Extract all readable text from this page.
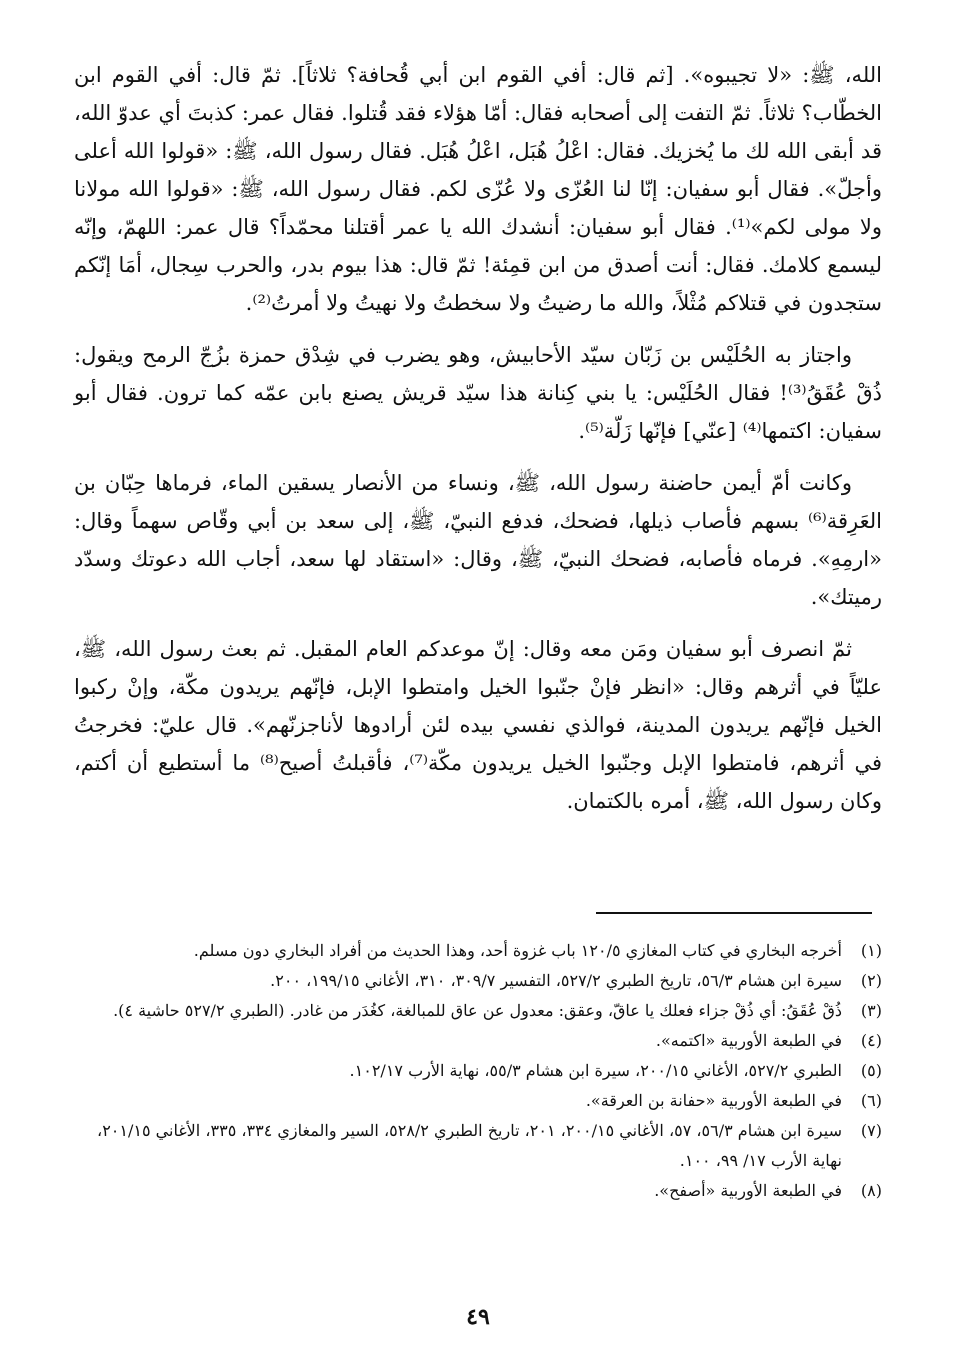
الله، ﷺ: «لا تجيبوه». [ثم قال: أفي القوم ابن أبي قُحافة؟ ثلاثاً]. ثمّ قال: أفي القوم ابن الخطّاب؟ ثلاثاً. ثمّ التفت إلى أصحابه فقال: أمّا هؤلاء فقد قُتلوا. فقال عمر: كذبتَ أي عدوّ الله، قد أبقى الله لك ما يُخزيك. فقال: اعْلُ هُبَل، اعْلُ هُبَل. فقال رسول الله، ﷺ: «قولوا الله أعلى وأجلّ». فقال أبو سفيان: إنّا لنا العُزّى ولا عُزّى لكم. فقال رسول الله، ﷺ: «قولوا الله مولانا ولا مولى لكم»⁽¹⁾. فقال أبو سفيان: أنشدك الله يا عمر أقتلنا محمّداً؟ قال عمر: اللهمّ، وإنّه ليسمع كلامك. فقال: أنت أصدق من ابن قمِئة! ثمّ قال: هذا بيوم بدر، والحرب سِجال، أمَا إنّكم ستجدون في قتلاكم مُثْلاً، والله ما رضيتُ ولا سخطتُ ولا نهيتُ ولا أمرتُ⁽²⁾.

واجتاز به الحُلَيْس بن زَبّان سيّد الأحابيش، وهو يضرب في شِدْق حمزة بزُجّ الرمح ويقول: ذُقْ عُقَقُ⁽³⁾! فقال الحُلَيْس: يا بني كِنانة هذا سيّد قريش يصنع بابن عمّه كما ترون. فقال أبو سفيان: اكتمها⁽⁴⁾ [عنّي] فإنّها زَلّة⁽⁵⁾.

وكانت أمّ أيمن حاضنة رسول الله، ﷺ، ونساء من الأنصار يسقين الماء، فرماها حِبّان بن العَرِقة⁽⁶⁾ بسهم فأصاب ذيلها، فضحك، فدفع النبيّ، ﷺ، إلى سعد بن أبي وقّاص سهماً وقال: «ارمِهِ». فرماه فأصابه، فضحك النبيّ، ﷺ، وقال: «استقاد لها سعد، أجاب الله دعوتك وسدّد رميتك».

ثمّ انصرف أبو سفيان ومَن معه وقال: إنّ موعدكم العام المقبل. ثم بعث رسول الله، ﷺ، عليّاً في أثرهم وقال: «انظر فإنْ جنّبوا الخيل وامتطوا الإبل، فإنّهم يريدون مكّة، وإنْ ركبوا الخيل فإنّهم يريدون المدينة، فوالذي نفسي بيده لئن أرادوها لأناجزنّهم». قال عليّ: فخرجتُ في أثرهم، فامتطوا الإبل وجنّبوا الخيل يريدون مكّة⁽⁷⁾، فأقبلتُ أصيح⁽⁸⁾ ما أستطيع أن أكتم، وكان رسول الله، ﷺ، أمره بالكتمان.

(١)
أخرجه البخاري في كتاب المغازي ١٢٠/٥ باب غزوة أحد، وهذا الحديث من أفراد البخاري دون مسلم.
(٢)
سيرة ابن هشام ٥٦/٣، تاريخ الطبري ٥٢٧/٢، التفسير ٣٠٩/٧، ٣١٠، الأغاني ١٩٩/١٥، ٢٠٠.
(٣)
ذُقْ عُقَقُ: أي ذُقْ جزاء فعلك يا عاقّ، وعقق: معدول عن عاق للمبالغة، كغُدَر من غادر. (الطبري ٥٢٧/٢ حاشية ٤).
(٤)
في الطبعة الأوربية «اكتمه».
(٥)
الطبري ٥٢٧/٢، الأغاني ٢٠٠/١٥، سيرة ابن هشام ٥٥/٣، نهاية الأرب ١٠٢/١٧.
(٦)
في الطبعة الأوربية «حفانة بن العرقة».
(٧)
سيرة ابن هشام ٥٦/٣، ٥٧، الأغاني ٢٠٠/١٥، ٢٠١، تاريخ الطبري ٥٢٨/٢، السير والمغازي ٣٣٤، ٣٣٥، الأغاني ٢٠١/١٥، نهاية الأرب ١٧/ ٩٩، ١٠٠.
(٨)
في الطبعة الأوربية «أصفح».
٤٩
